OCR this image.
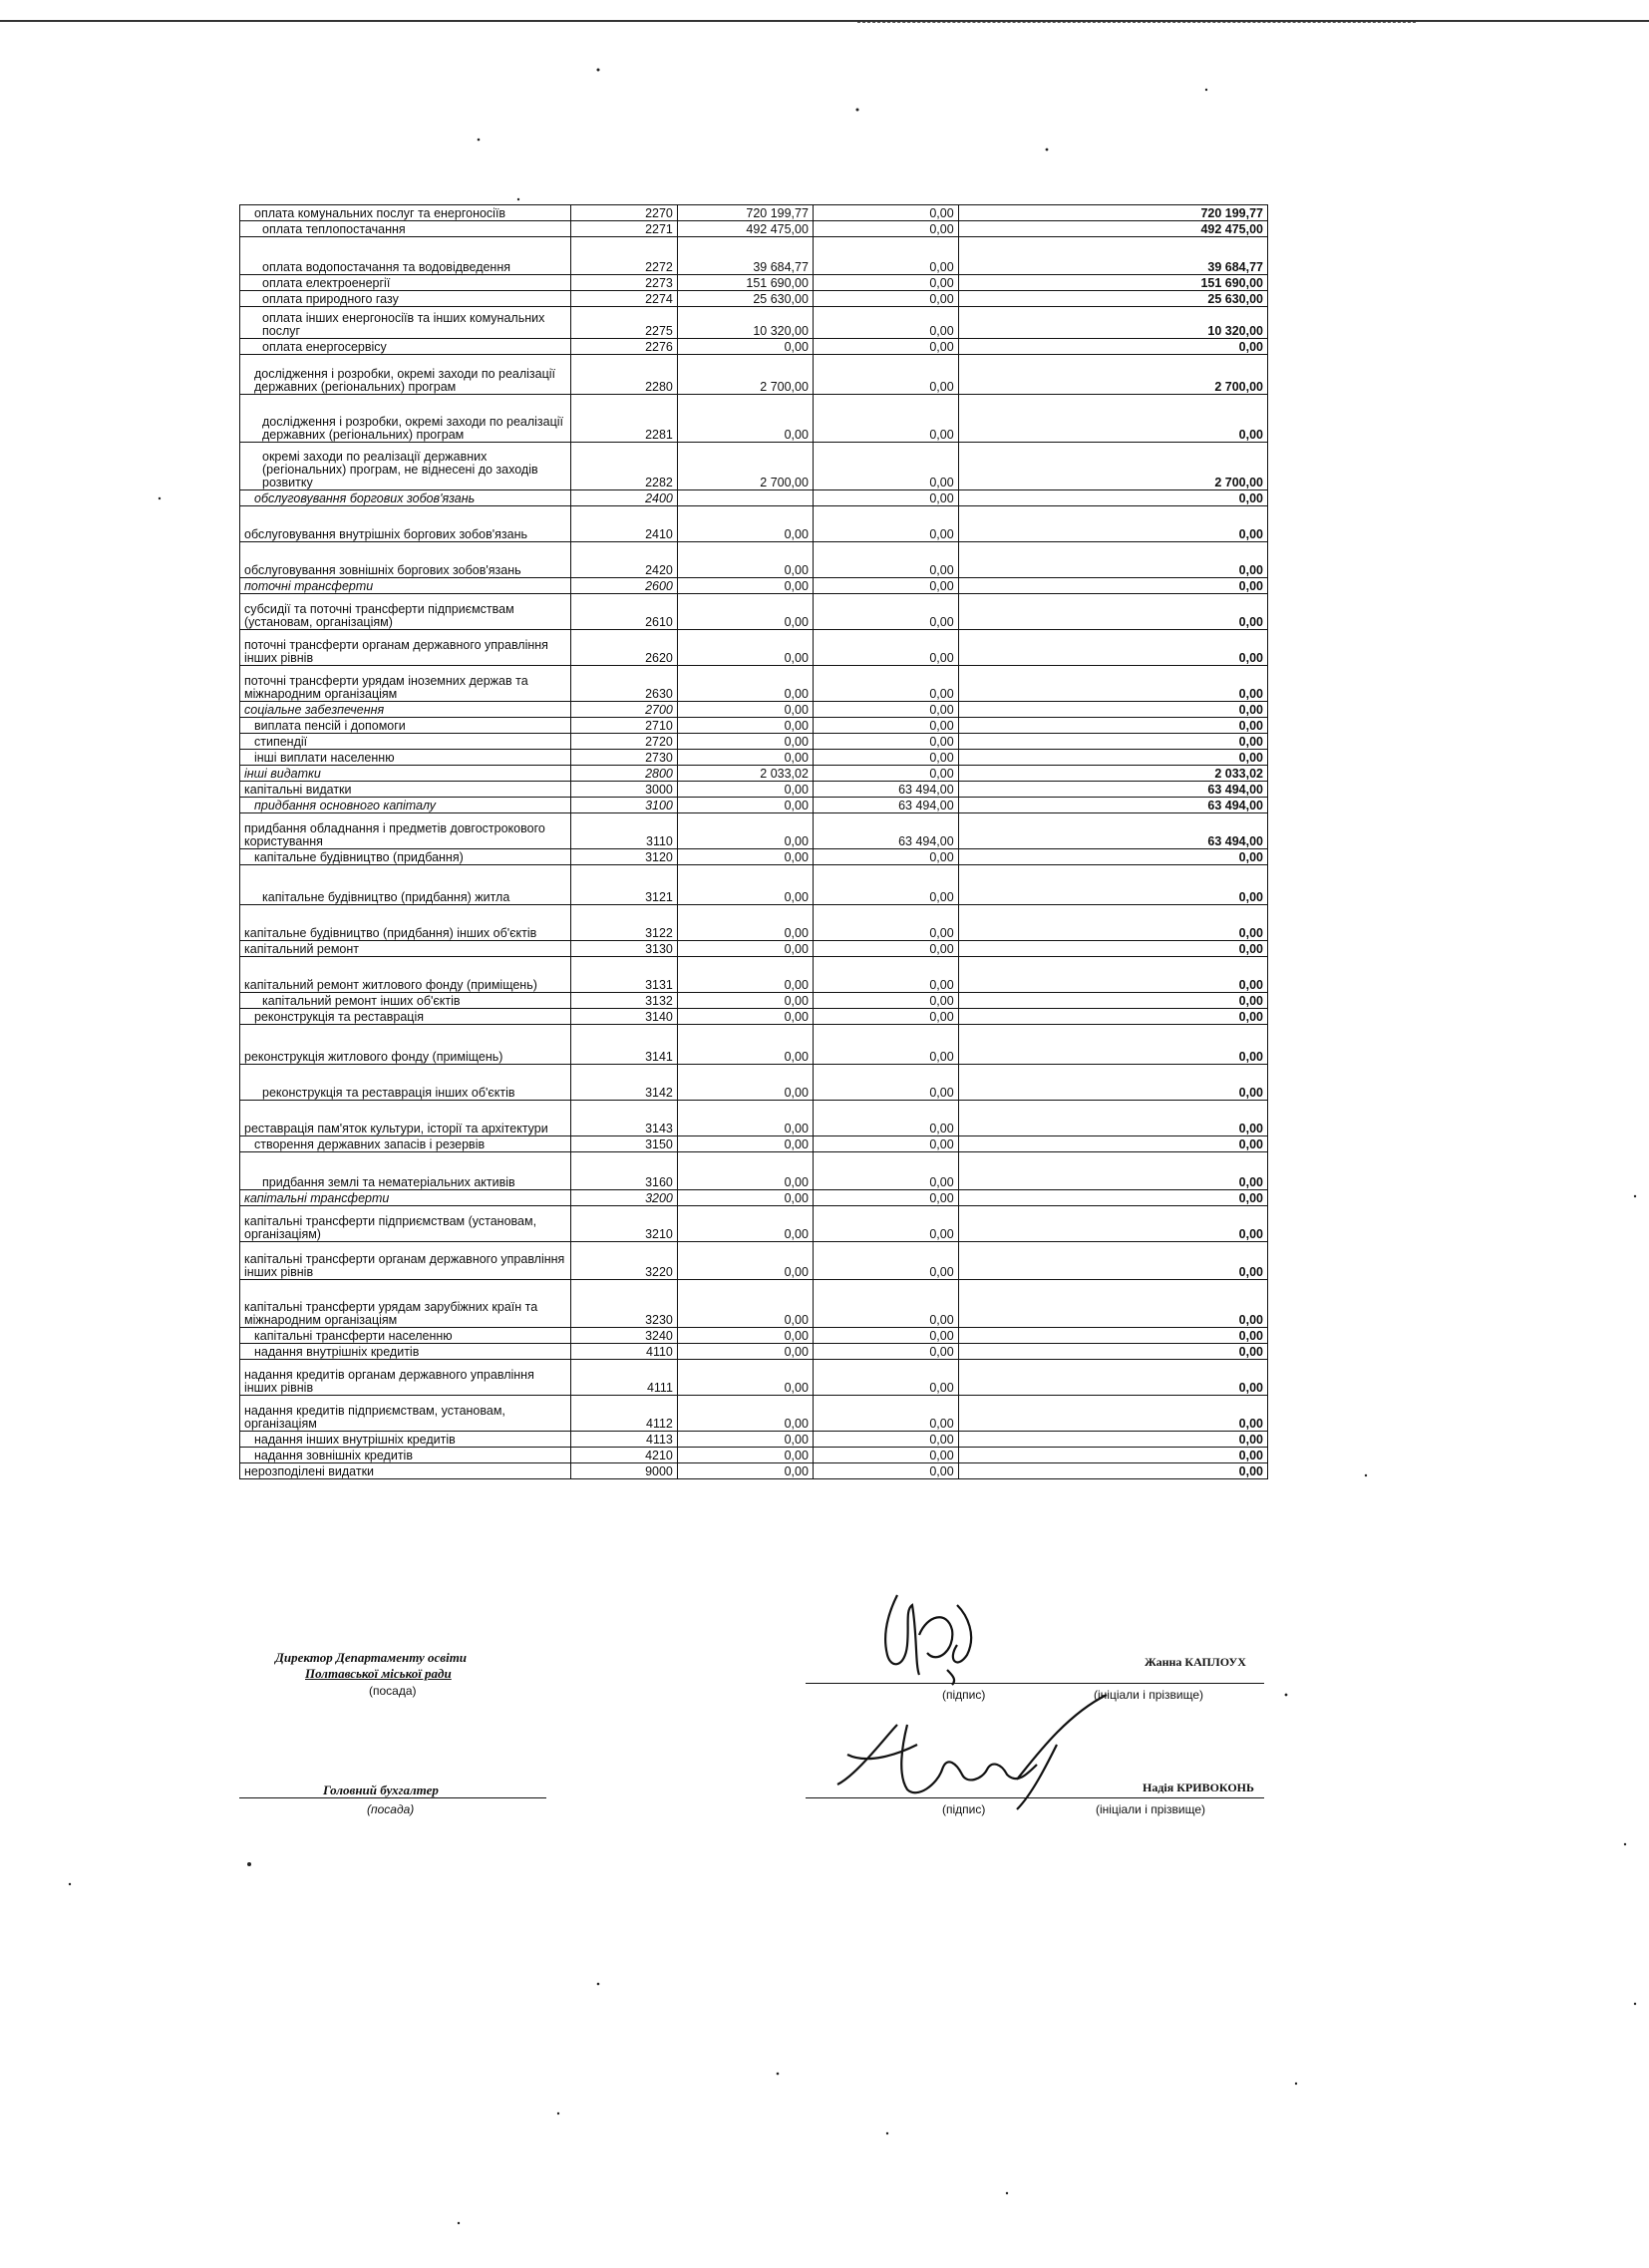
оплата комунальних послуг та енергоносіїв	2270	720 199,77	0,00	720 199,77
оплата теплопостачання	2271	492 475,00	0,00	492 475,00
оплата водопостачання та водовідведення	2272	39 684,77	0,00	39 684,77
оплата електроенергії	2273	151 690,00	0,00	151 690,00
оплата природного газу	2274	25 630,00	0,00	25 630,00
оплата інших енергоносіїв та інших комунальних послуг	2275	10 320,00	0,00	10 320,00
оплата енергосервісу	2276	0,00	0,00	0,00
дослідження і розробки, окремі заходи по реалізації державних (регіональних) програм	2280	2 700,00	0,00	2 700,00
дослідження і розробки, окремі заходи по реалізації державних (регіональних) програм	2281	0,00	0,00	0,00
окремі заходи по реалізації державних (регіональних) програм, не віднесені до заходів розвитку	2282	2 700,00	0,00	2 700,00
обслуговування боргових зобов'язань	2400		0,00	0,00
обслуговування внутрішніх боргових зобов'язань	2410	0,00	0,00	0,00
обслуговування зовнішніх боргових зобов'язань	2420	0,00	0,00	0,00
поточні трансферти	2600	0,00	0,00	0,00
субсидії та поточні трансферти підприємствам (установам, організаціям)	2610	0,00	0,00	0,00
поточні трансферти органам державного управління інших рівнів	2620	0,00	0,00	0,00
поточні трансферти урядам іноземних держав та міжнародним організаціям	2630	0,00	0,00	0,00
соціальне забезпечення	2700	0,00	0,00	0,00
виплата пенсій і допомоги	2710	0,00	0,00	0,00
стипендії	2720	0,00	0,00	0,00
інші виплати населенню	2730	0,00	0,00	0,00
інші видатки	2800	2 033,02	0,00	2 033,02
капітальні видатки	3000	0,00	63 494,00	63 494,00
придбання основного капіталу	3100	0,00	63 494,00	63 494,00
придбання обладнання і предметів довгострокового користування	3110	0,00	63 494,00	63 494,00
капітальне будівництво (придбання)	3120	0,00	0,00	0,00
капітальне будівництво (придбання) житла	3121	0,00	0,00	0,00
капітальне будівництво (придбання) інших об'єктів	3122	0,00	0,00	0,00
капітальний ремонт	3130	0,00	0,00	0,00
капітальний ремонт житлового фонду (приміщень)	3131	0,00	0,00	0,00
капітальний ремонт інших об'єктів	3132	0,00	0,00	0,00
реконструкція та реставрація	3140	0,00	0,00	0,00
реконструкція житлового фонду (приміщень)	3141	0,00	0,00	0,00
реконструкція та реставрація інших об'єктів	3142	0,00	0,00	0,00
реставрація пам'яток культури, історії та архітектури	3143	0,00	0,00	0,00
створення державних запасів і резервів	3150	0,00	0,00	0,00
придбання землі та нематеріальних активів	3160	0,00	0,00	0,00
капітальні трансферти	3200	0,00	0,00	0,00
капітальні трансферти підприємствам (установам, організаціям)	3210	0,00	0,00	0,00
капітальні трансферти органам державного управління інших рівнів	3220	0,00	0,00	0,00
капітальні трансферти урядам зарубіжних країн та міжнародним організаціям	3230	0,00	0,00	0,00
капітальні трансферти населенню	3240	0,00	0,00	0,00
надання внутрішніх кредитів	4110	0,00	0,00	0,00
надання кредитів органам державного управління інших рівнів	4111	0,00	0,00	0,00
надання кредитів підприємствам, установам, організаціям	4112	0,00	0,00	0,00
надання інших внутрішніх кредитів	4113	0,00	0,00	0,00
надання зовнішніх кредитів	4210	0,00	0,00	0,00
нерозподілені видатки	9000	0,00	0,00	0,00
Директор Департаменту освіти
Полтавської міської ради
(посада)
Жанна КАПЛОУХ
(підпис)	(ініціали і прізвище)
Головний бухгалтер
(посада)
Надія КРИВОКОНЬ
(підпис)	(ініціали і прізвище)
